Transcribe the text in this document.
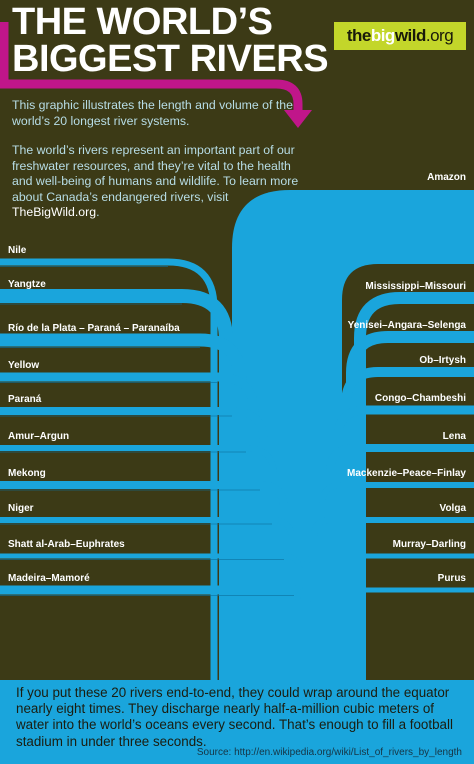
Nile
Yangtze
Río de la Plata – Paraná – Paranaíba
Yellow
Paraná
Amur–Argun
Mekong
Niger
Shatt al-Arab–Euphrates
Madeira–Mamoré
Amazon
Mississippi–Missouri
Yenisei–Angara–Selenga
Ob–Irtysh
Congo–Chambeshi
Lena
Mackenzie–Peace–Finlay
Volga
Murray–Darling
Purus
THE WORLD’S
BIGGEST RIVERS
the big wild .org

This graphic illustrates the length and volume of the world’s 20 longest river systems.

The world’s rivers represent an important part of our freshwater resources, and they’re vital to the health and well-being of humans and wildlife. To learn more about Canada’s endangered rivers, visit TheBigWild.org.

If you put these 20 rivers end-to-end, they could wrap around the equator nearly eight times. They discharge nearly half-a-million cubic meters of water into the world’s oceans every second. That’s enough to fill a football stadium in under three seconds.

Source: http://en.wikipedia.org/wiki/List_of_rivers_by_length
